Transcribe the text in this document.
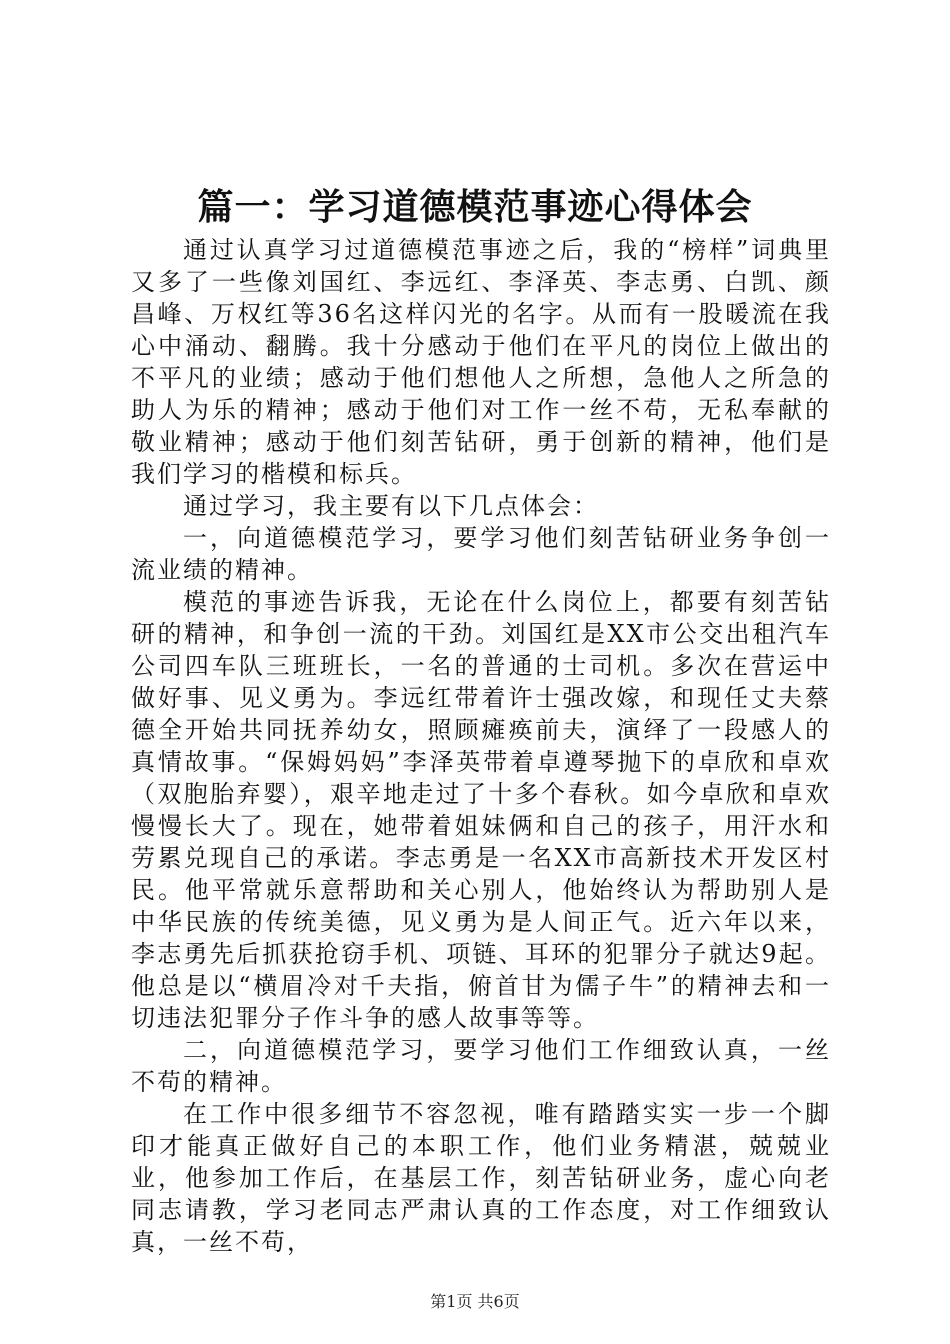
篇一：学习道德模范事迹心得体会

通过认真学习过道德模范事迹之后，我的“榜样”词典里又多了一些像刘国红、李远红、李泽英、李志勇、白凯、颜昌峰、万权红等36名这样闪光的名字。从而有一股暖流在我心中涌动、翻腾。我十分感动于他们在平凡的岗位上做出的不平凡的业绩；感动于他们想他人之所想，急他人之所急的助人为乐的精神；感动于他们对工作一丝不苟，无私奉献的敬业精神；感动于他们刻苦钻研，勇于创新的精神，他们是我们学习的楷模和标兵。

通过学习，我主要有以下几点体会：

一，向道德模范学习，要学习他们刻苦钻研业务争创一流业绩的精神。

模范的事迹告诉我，无论在什么岗位上，都要有刻苦钻研的精神，和争创一流的干劲。刘国红是XX市公交出租汽车公司四车队三班班长，一名的普通的士司机。多次在营运中做好事、见义勇为。李远红带着许士强改嫁，和现任丈夫蔡德全开始共同抚养幼女，照顾瘫痪前夫，演绎了一段感人的真情故事。“保姆妈妈”李泽英带着卓遵琴抛下的卓欣和卓欢（双胞胎弃婴），艰辛地走过了十多个春秋。如今卓欣和卓欢慢慢长大了。现在，她带着姐妹俩和自己的孩子，用汗水和劳累兑现自己的承诺。李志勇是一名XX市高新技术开发区村民。他平常就乐意帮助和关心别人，他始终认为帮助别人是中华民族的传统美德，见义勇为是人间正气。近六年以来，李志勇先后抓获抢窃手机、项链、耳环的犯罪分子就达9起。他总是以“横眉冷对千夫指，俯首甘为儒子牛”的精神去和一切违法犯罪分子作斗争的感人故事等等。

二，向道德模范学习，要学习他们工作细致认真，一丝不苟的精神。

在工作中很多细节不容忽视，唯有踏踏实实一步一个脚印才能真正做好自己的本职工作，他们业务精湛，兢兢业业，他参加工作后，在基层工作，刻苦钻研业务，虚心向老同志请教，学习老同志严肃认真的工作态度，对工作细致认真，一丝不苟，

第1页 共6页
